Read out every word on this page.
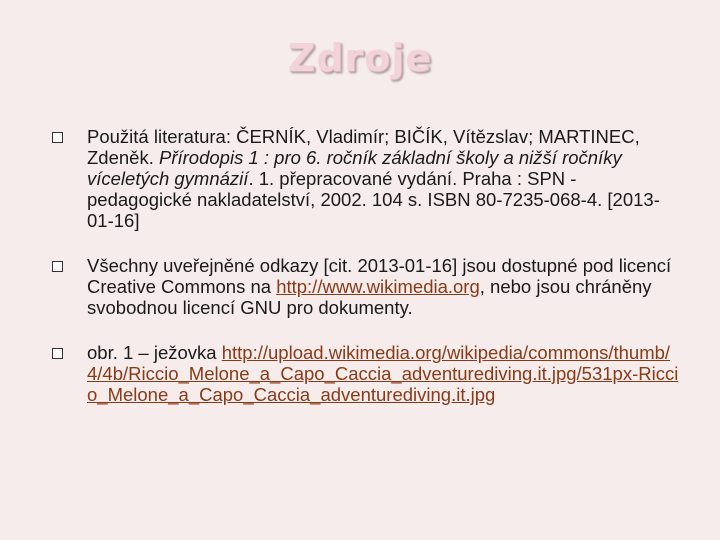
Zdroje
Použitá literatura: ČERNÍK, Vladimír; BIČÍK, Vítězslav; MARTINEC, Zdeněk. Přírodopis 1 : pro 6. ročník základní školy a nižší ročníky víceletých gymnázií. 1. přepracované vydání. Praha : SPN - pedagogické nakladatelství, 2002. 104 s. ISBN 80-7235-068-4. [2013-01-16]
Všechny uveřejněné odkazy [cit. 2013-01-16] jsou dostupné pod licencí Creative Commons na http://www.wikimedia.org, nebo jsou chráněny svobodnou licencí GNU pro dokumenty.
obr. 1 – ježovka http://upload.wikimedia.org/wikipedia/commons/thumb/4/4b/Riccio_Melone_a_Capo_Caccia_adventurediving.it.jpg/531px-Riccio_Melone_a_Capo_Caccia_adventurediving.it.jpg
